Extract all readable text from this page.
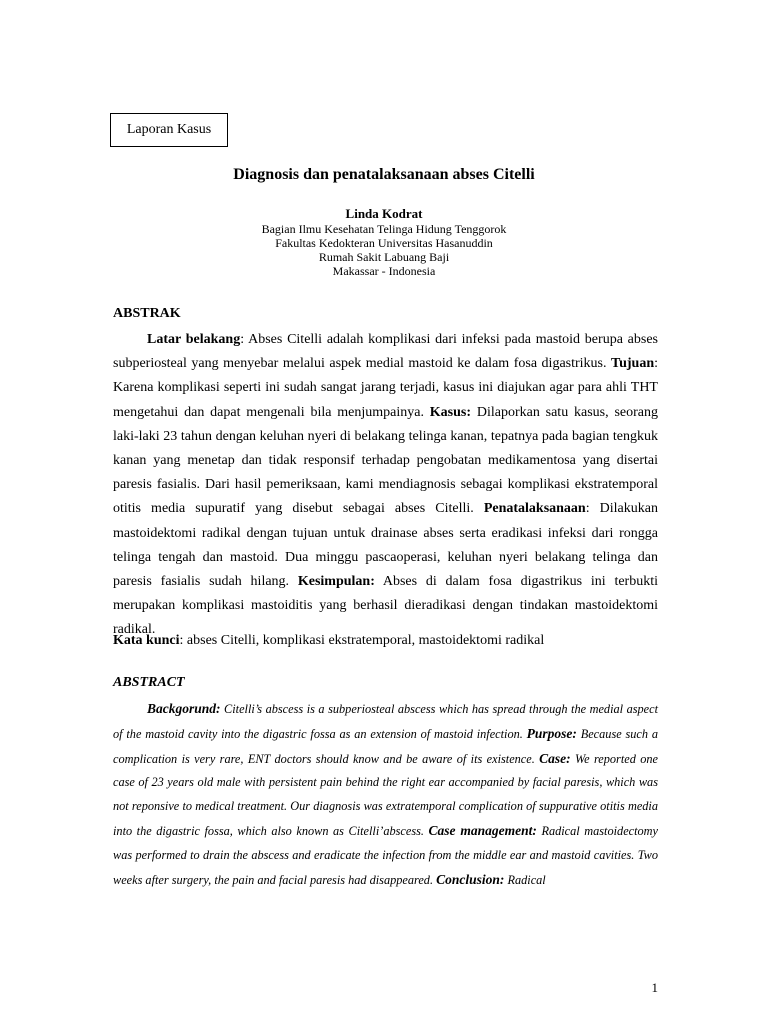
Laporan Kasus
Diagnosis dan penatalaksanaan abses Citelli
Linda Kodrat
Bagian Ilmu Kesehatan Telinga Hidung Tenggorok
Fakultas Kedokteran Universitas Hasanuddin
Rumah Sakit Labuang Baji
Makassar - Indonesia
ABSTRAK

Latar belakang: Abses Citelli adalah komplikasi dari infeksi pada mastoid berupa abses subperiosteal yang menyebar melalui aspek medial mastoid ke dalam fosa digastrikus. Tujuan: Karena komplikasi seperti ini sudah sangat jarang terjadi, kasus ini diajukan agar para ahli THT mengetahui dan dapat mengenali bila menjumpainya. Kasus: Dilaporkan satu kasus, seorang laki-laki 23 tahun dengan keluhan nyeri di belakang telinga kanan, tepatnya pada bagian tengkuk kanan yang menetap dan tidak responsif terhadap pengobatan medikamentosa yang disertai paresis fasialis. Dari hasil pemeriksaan, kami mendiagnosis sebagai komplikasi ekstratemporal otitis media supuratif yang disebut sebagai abses Citelli. Penatalaksanaan: Dilakukan mastoidektomi radikal dengan tujuan untuk drainase abses serta eradikasi infeksi dari rongga telinga tengah dan mastoid. Dua minggu pascaoperasi, keluhan nyeri belakang telinga dan paresis fasialis sudah hilang. Kesimpulan: Abses di dalam fosa digastrikus ini terbukti merupakan komplikasi mastoiditis yang berhasil dieradikasi dengan tindakan mastoidektomi radikal.

Kata kunci: abses Citelli, komplikasi ekstratemporal, mastoidektomi radikal
ABSTRACT

Backgorund: Citelli’s abscess is a subperiosteal abscess which has spread through the medial aspect of the mastoid cavity into the digastric fossa as an extension of mastoid infection. Purpose: Because such a complication is very rare, ENT doctors should know and be aware of its existence. Case: We reported one case of 23 years old male with persistent pain behind the right ear accompanied by facial paresis, which was not reponsive to medical treatment. Our diagnosis was extratemporal complication of suppurative otitis media into the digastric fossa, which also known as Citelli’abscess. Case management: Radical mastoidectomy was performed to drain the abscess and eradicate the infection from the middle ear and mastoid cavities. Two weeks after surgery, the pain and facial paresis had disappeared. Conclusion: Radical

1
